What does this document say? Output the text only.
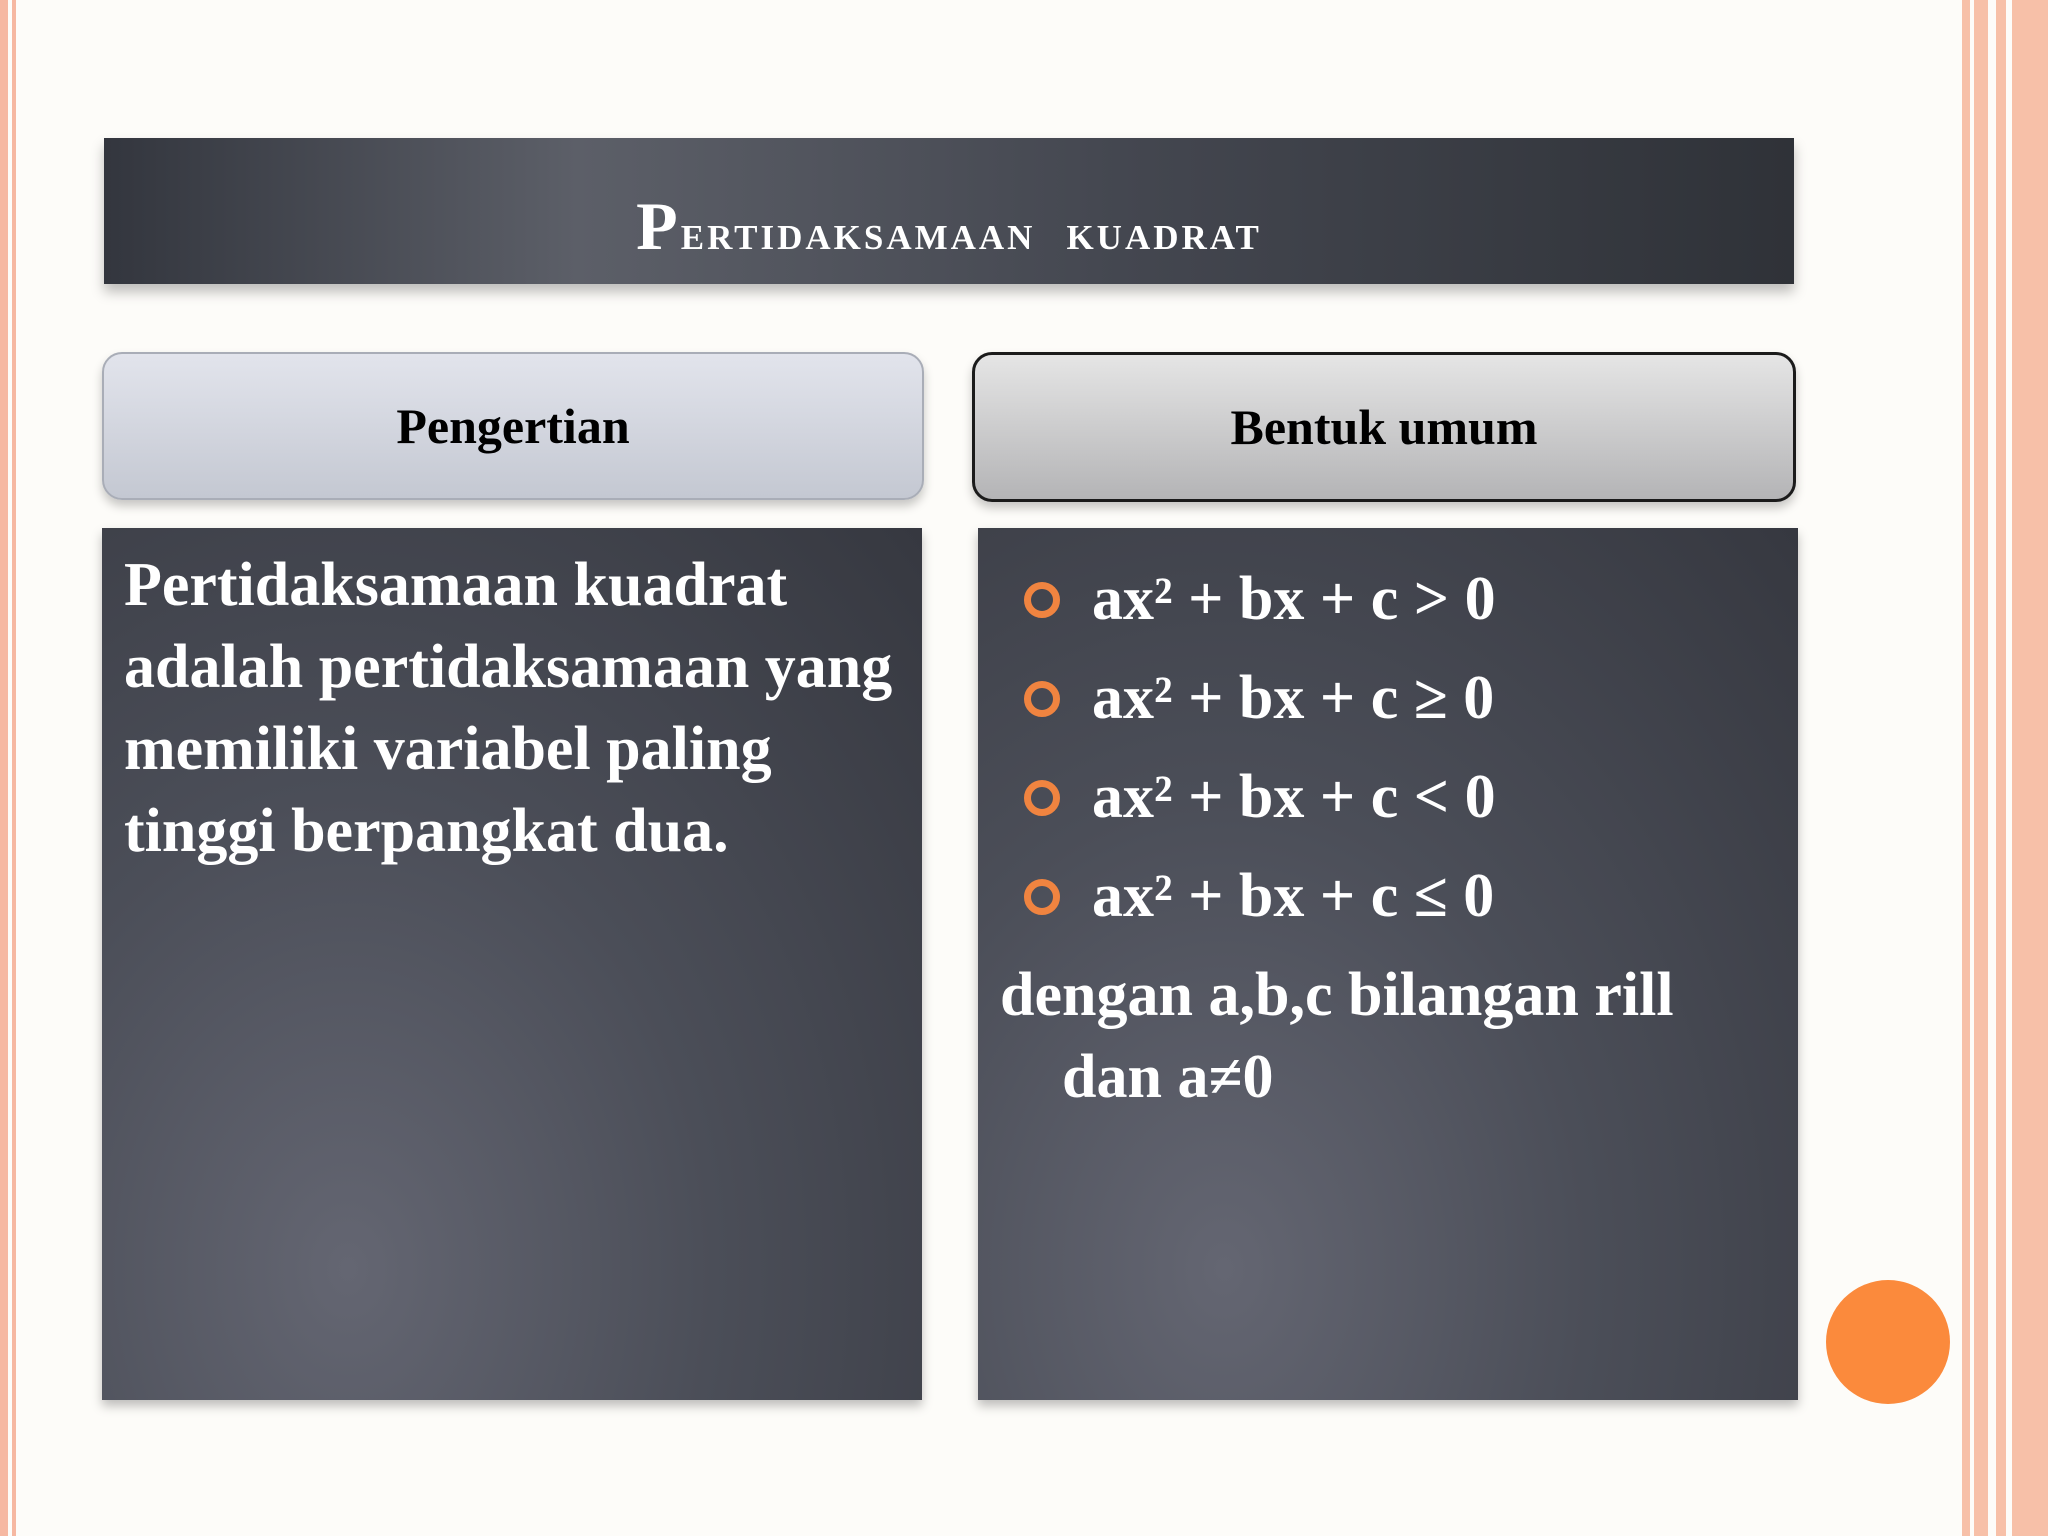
Pertidaksamaan  kuadrat
Pengertian	Bentuk umum

Pertidaksamaan kuadrat adalah pertidaksamaan yang memiliki variabel paling tinggi berpangkat dua.

ax² + bx + c > 0
ax² + bx + c ≥ 0
ax² + bx + c < 0
ax² + bx + c ≤ 0

dengan a,b,c bilangan rill dan a≠0
